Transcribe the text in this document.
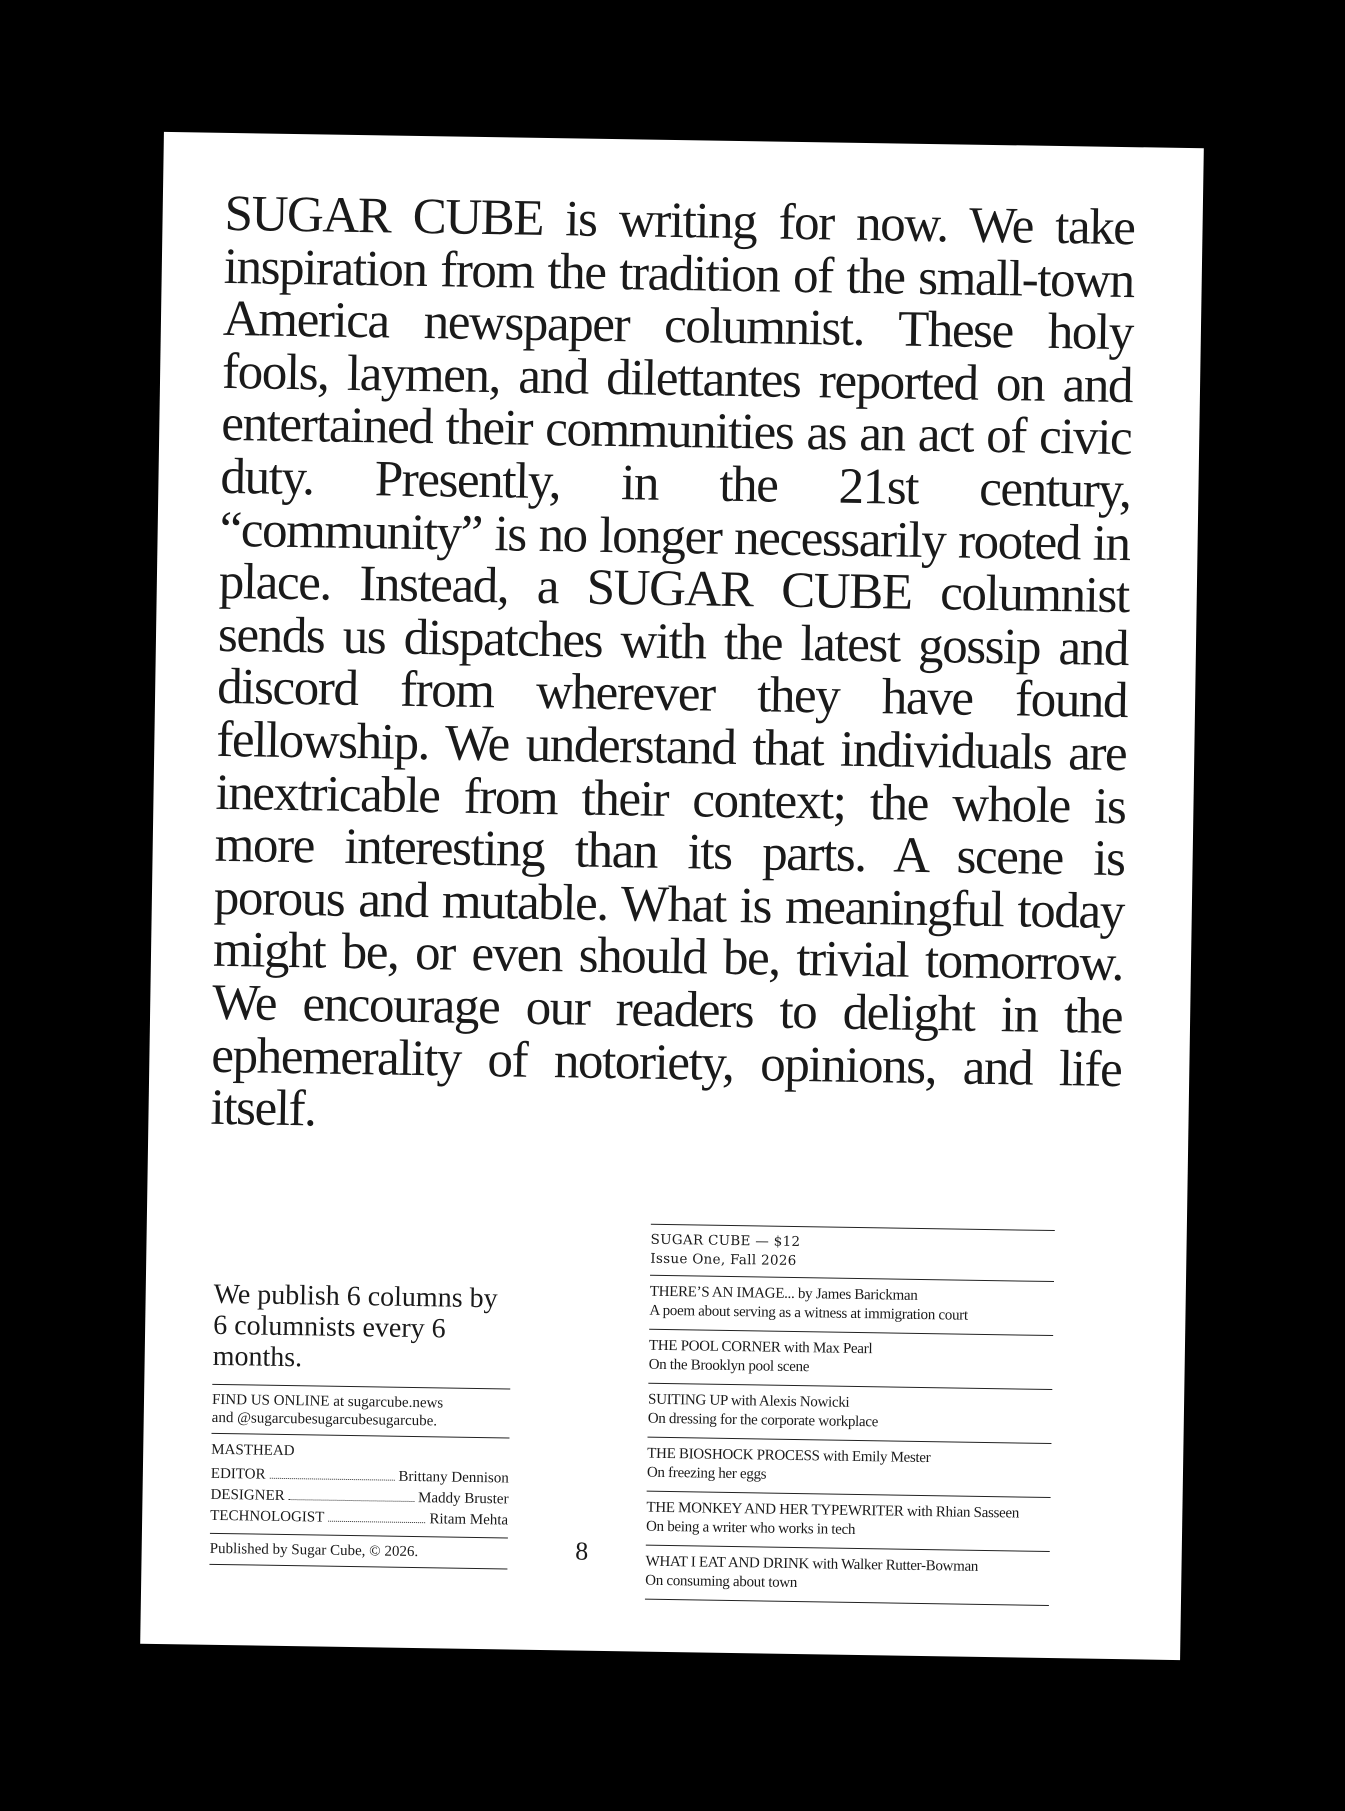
SUGAR CUBE is writing for now. We take inspiration from the tradition of the small-town America newspaper columnist. These holy fools, laymen, and dilettantes reported on and entertained their communities as an act of civic duty. Presently, in the 21st century, “community” is no longer necessarily rooted in place. Instead, a SUGAR CUBE columnist sends us dispatches with the latest gossip and discord from wherever they have found fellowship. We understand that individuals are inextricable from their context; the whole is more interesting than its parts. A scene is porous and mutable. What is meaningful today might be, or even should be, trivial tomorrow. We encourage our readers to delight in the ephemerality of notoriety, opinions, and life itself.

We publish 6 columns by 6 columnists every 6 months.

FIND US ONLINE at sugarcube.news
and @sugarcubesugarcubesugarcube.
MASTHEAD
EDITOR	Brittany Dennison
DESIGNER	Maddy Bruster
TECHNOLOGIST	Ritam Mehta
Published by Sugar Cube, © 2026.	8
SUGAR CUBE — $12
Issue One, Fall 2026
THERE’S AN IMAGE... by James Barickman
A poem about serving as a witness at immigration court
THE POOL CORNER with Max Pearl
On the Brooklyn pool scene
SUITING UP with Alexis Nowicki
On dressing for the corporate workplace
THE BIOSHOCK PROCESS with Emily Mester
On freezing her eggs
THE MONKEY AND HER TYPEWRITER with Rhian Sasseen
On being a writer who works in tech
WHAT I EAT AND DRINK with Walker Rutter-Bowman
On consuming about town
